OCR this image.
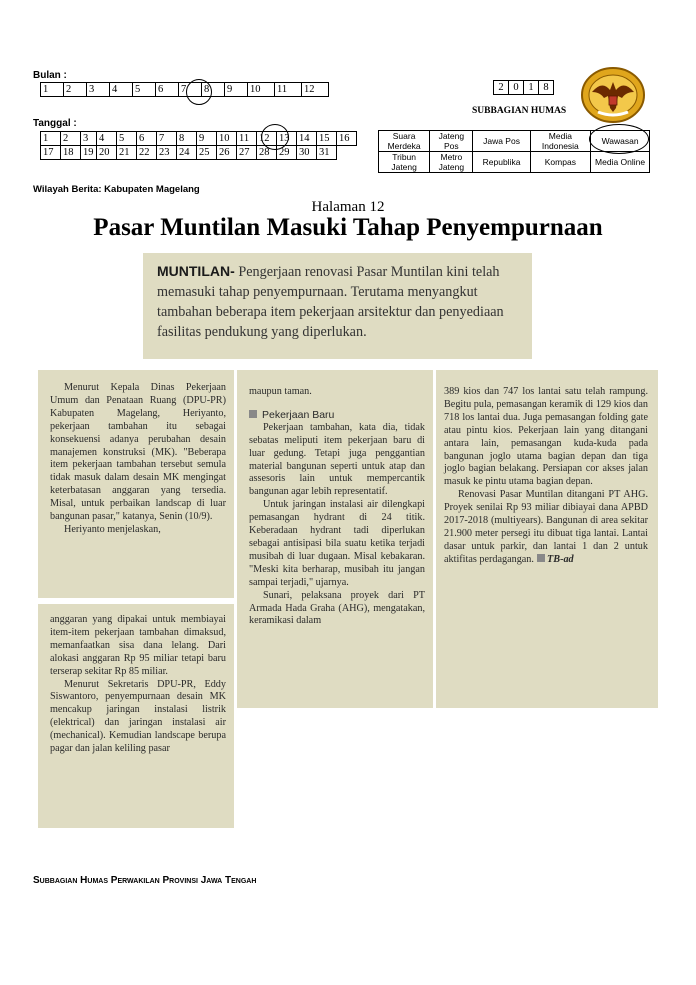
Bulan :
1	2	3	4	5	6	7	8	9	10	11	12
Tanggal :
1	2	3	4	5	6	7	8	9	10	11	12	13	14	15	16
17	18	19	20	21	22	23	24	25	26	27	28	29	30	31	
Wilayah Berita: Kabupaten Magelang
2	0	1	8
SUBBAGIAN HUMAS
Suara Merdeka	Jateng Pos	Jawa Pos	Media Indonesia	Wawasan
Tribun Jateng	Metro Jateng	Republika	Kompas	Media Online
Halaman 12
Pasar Muntilan Masuki Tahap Penyempurnaan

MUNTILAN- Pengerjaan renovasi Pasar Muntilan kini telah memasuki tahap penyempurnaan. Terutama menyangkut tambahan beberapa item pekerjaan arsitektur dan penyediaan fasilitas pendukung yang diperlukan.

Menurut Kepala Dinas Pekerjaan Umum dan Penataan Ruang (DPU-PR) Kabupaten Magelang, Heriyanto, pekerjaan tambahan itu sebagai konsekuensi adanya perubahan desain manajemen konstruksi (MK). "Beberapa item pekerjaan tambahan tersebut semula tidak masuk dalam desain MK mengingat keterbatasan anggaran yang tersedia. Misal, untuk perbaikan landscap di luar bangunan pasar," katanya, Senin (10/9).

Heriyanto menjelaskan,

anggaran yang dipakai untuk membiayai item-item pekerjaan tambahan dimaksud, memanfaatkan sisa dana lelang. Dari alokasi anggaran Rp 95 miliar tetapi baru terserap sekitar Rp 85 miliar.

Menurut Sekretaris DPU-PR, Eddy Siswantoro, penyempurnaan desain MK mencakup jaringan instalasi listrik (elektrical) dan jaringan instalasi air (mechanical). Kemudian landscape berupa pagar dan jalan keliling pasar

maupun taman.

Pekerjaan Baru

Pekerjaan tambahan, kata dia, tidak sebatas meliputi item pekerjaan baru di luar gedung. Tetapi juga penggantian material bangunan seperti untuk atap dan assesoris lain untuk mempercantik bangunan agar lebih representatif.

Untuk jaringan instalasi air dilengkapi pemasangan hydrant di 24 titik. Keberadaan hydrant tadi diperlukan sebagai antisipasi bila suatu ketika terjadi musibah di luar dugaan. Misal kebakaran. "Meski kita berharap, musibah itu jangan sampai terjadi," ujarnya.

Sunari, pelaksana proyek dari PT Armada Hada Graha (AHG), mengatakan, keramikasi dalam

389 kios dan 747 los lantai satu telah rampung. Begitu pula, pemasangan keramik di 129 kios dan 718 los lantai dua. Juga pemasangan folding gate atau pintu kios. Pekerjaan lain yang ditangani antara lain, pemasangan kuda-kuda pada bangunan joglo utama bagian depan dan tiga joglo bagian belakang. Persiapan cor akses jalan masuk ke pintu utama bagian depan.

Renovasi Pasar Muntilan ditangani PT AHG. Proyek senilai Rp 93 miliar dibiayai dana APBD 2017-2018 (multiyears). Bangunan di area sekitar 21.900 meter persegi itu dibuat tiga lantai. Lantai dasar untuk parkir, dan lantai 1 dan 2 untuk aktifitas perdagangan. TB-ad

Subbagian Humas Perwakilan Provinsi Jawa Tengah
